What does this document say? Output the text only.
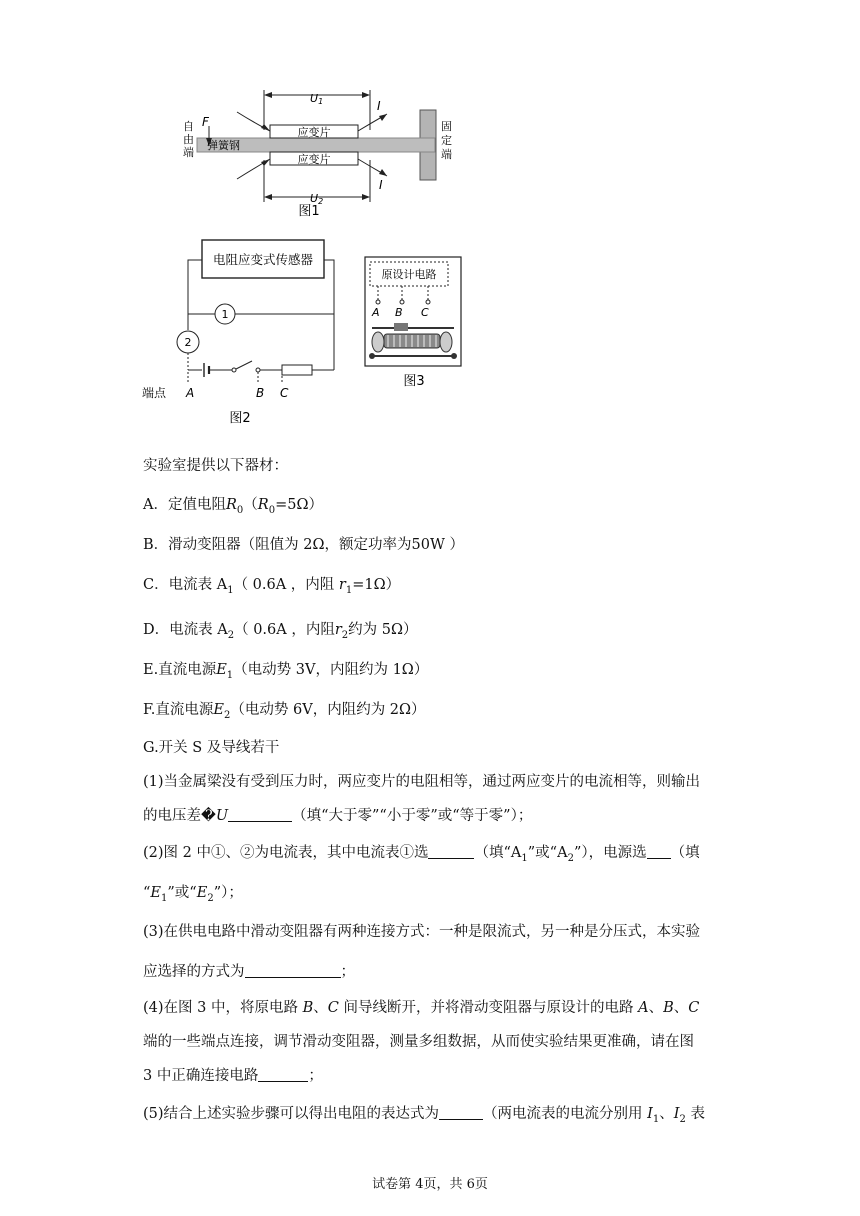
U1
U2
应变片
应变片
弹簧钢
F
I
I
自
由
端
固
定
端
图1
电阻应变式传感器
1
2
端点 A	B C
图2
原设计电路
A B C
图3
实验室提供以下器材：
A．定值电阻$R_0(R_0=5\Omega)$
B．滑动变阻器（阻值为 2Ω，额定功率为50W ）
C．电流表 $A_1$（ 0.6A ，内阻 $r_1=1\Omega$）
D．电流表 $A_2$（ 0.6A ，内阻$r_2$约为 5Ω）
E.直流电源$E_1$（电动势 3V，内阻约为 1Ω）
F.直流电源$E_2$（电动势 6V，内阻约为 2Ω）
G.开关 S 及导线若干
(1)当金属梁没有受到压力时，两应变片的电阻相等，通过两应变片的电流相等，则输出
的电压差�U	（填“大于零”“小于零”或“等于零”）；
(2)图 2 中①、②为电流表，其中电流表①选	（填“$A_1$”或“$A_2$”），电源选 （填
“$E_1$”或“$E_2$”）；
(3)在供电电路中滑动变阻器有两种连接方式：一种是限流式，另一种是分压式，本实验
应选择的方式为	；
(4)在图 3 中，将原电路 B、C 间导线断开，并将滑动变阻器与原设计的电路 A、B、C
端的一些端点连接，调节滑动变阻器，测量多组数据，从而使实验结果更准确，请在图
3 中正确连接电路	；
(5)结合上述实验步骤可以得出电阻的表达式为	（两电流表的电流分别用 $I_1$、$I_2$ 表
试卷第 4页，共 6页
